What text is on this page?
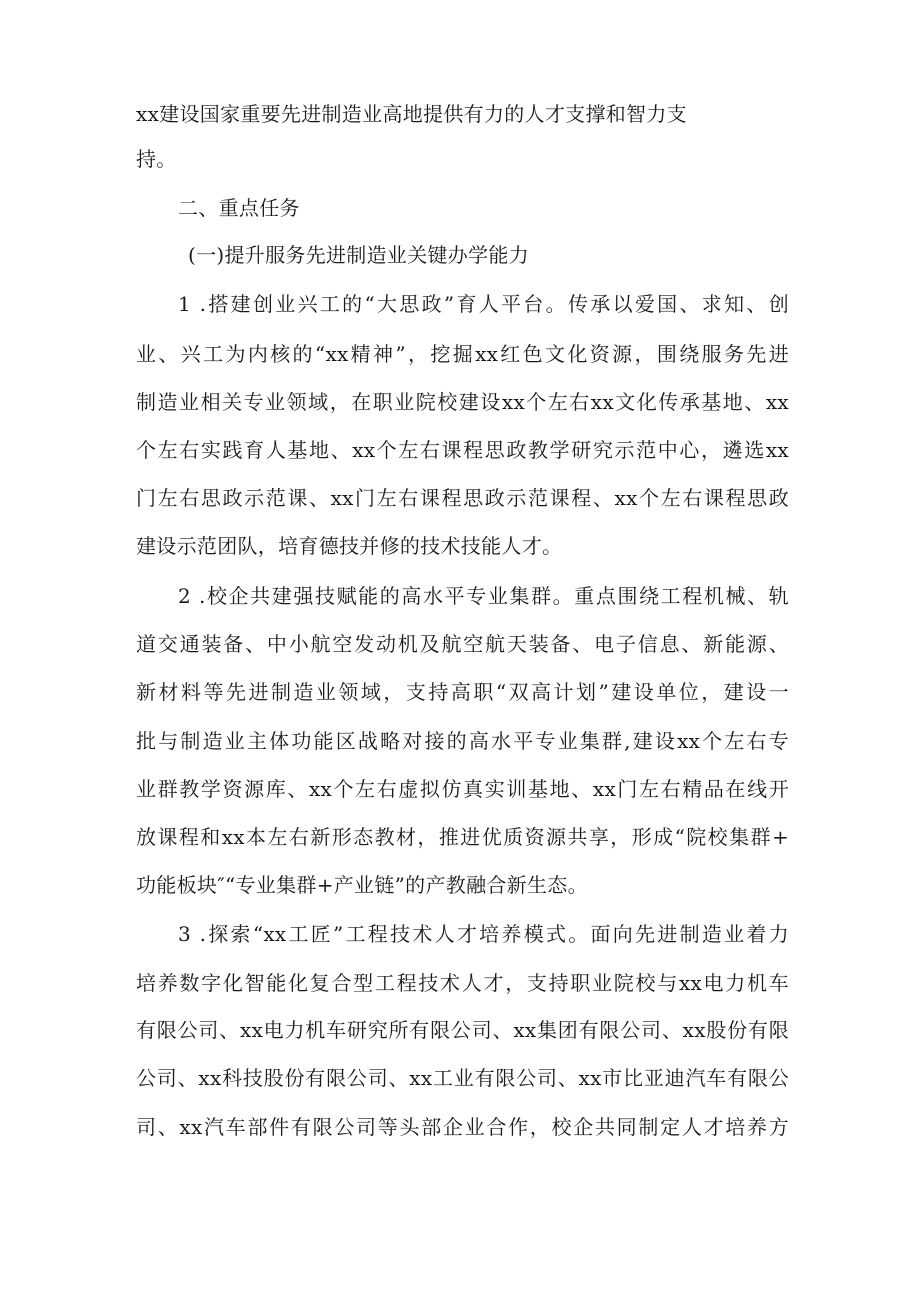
xx建设国家重要先进制造业高地提供有力的人才支撑和智力支
持。
二、重点任务
(一)提升服务先进制造业关键办学能力
1 .搭建创业兴工的“大思政”育人平台。传承以爱国、求知、创
业、兴工为内核的“xx精神”，挖掘xx红色文化资源，围绕服务先进
制造业相关专业领域，在职业院校建设xx个左右xx文化传承基地、xx
个左右实践育人基地、xx个左右课程思政教学研究示范中心，遴选xx
门左右思政示范课、xx门左右课程思政示范课程、xx个左右课程思政
建设示范团队，培育德技并修的技术技能人才。
2 .校企共建强技赋能的高水平专业集群。重点围绕工程机械、轨
道交通装备、中小航空发动机及航空航天装备、电子信息、新能源、
新材料等先进制造业领域，支持高职“双高计划”建设单位，建设一
批与制造业主体功能区战略对接的高水平专业集群,建设xx个左右专
业群教学资源库、xx个左右虚拟仿真实训基地、xx门左右精品在线开
放课程和xx本左右新形态教材，推进优质资源共享，形成“院校集群+
功能板块″“专业集群+产业链”的产教融合新生态。
3 .探索“xx工匠”工程技术人才培养模式。面向先进制造业着力
培养数字化智能化复合型工程技术人才，支持职业院校与xx电力机车
有限公司、xx电力机车研究所有限公司、xx集团有限公司、xx股份有限
公司、xx科技股份有限公司、xx工业有限公司、xx市比亚迪汽车有限公
司、xx汽车部件有限公司等头部企业合作，校企共同制定人才培养方
